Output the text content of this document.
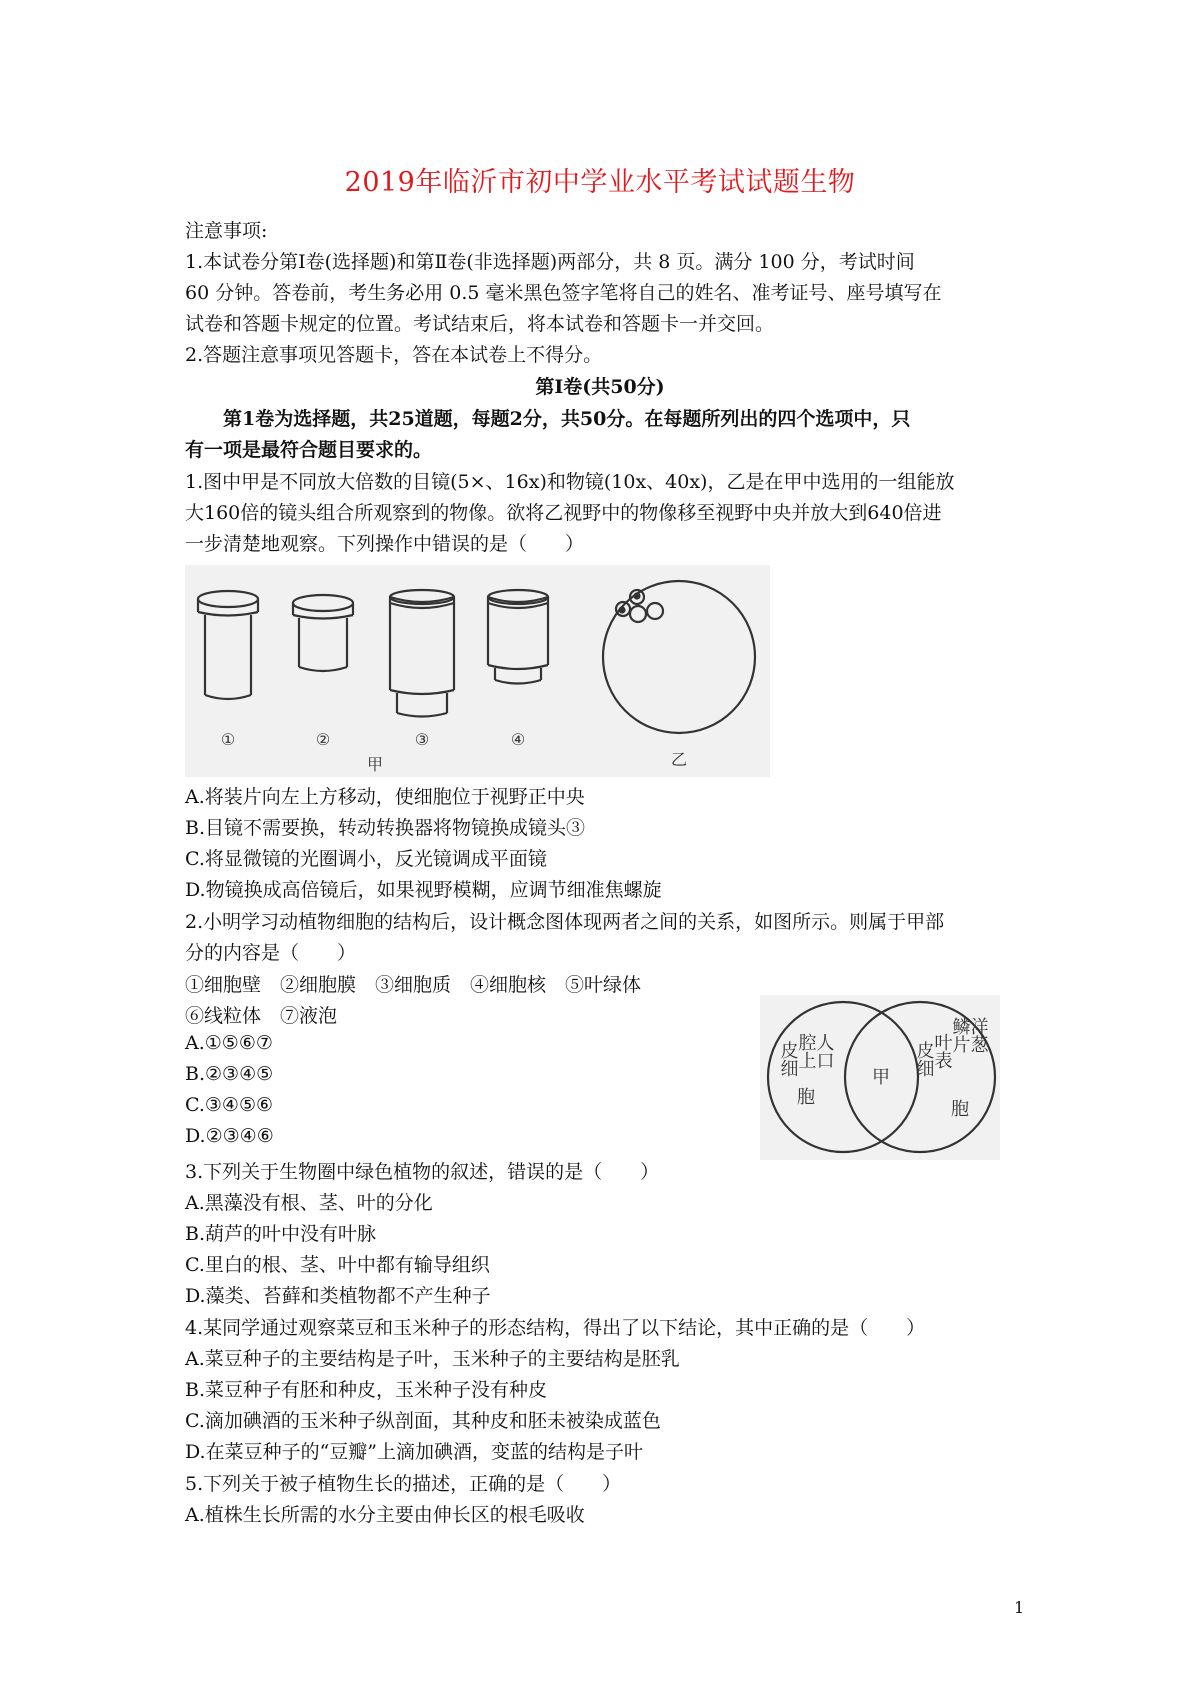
2019年临沂市初中学业水平考试试题生物
注意事项:
1.本试卷分第Ⅰ卷(选择题)和第Ⅱ卷(非选择题)两部分，共 8 页。满分 100 分，考试时间
60 分钟。答卷前，考生务必用 0.5 毫米黑色签字笔将自己的姓名、准考证号、座号填写在
试卷和答题卡规定的位置。考试结束后，将本试卷和答题卡一并交回。
2.答题注意事项见答题卡，答在本试卷上不得分。
第Ⅰ卷(共50分)
第1卷为选择题，共25道题，每题2分，共50分。在每题所列出的四个选项中，只
有一项是最符合题目要求的。
1.图中甲是不同放大倍数的目镜(5×、16x)和物镜(10x、40x)，乙是在甲中选用的一组能放
大160倍的镜头组合所观察到的物像。欲将乙视野中的物像移至视野中央并放大到640倍进
一步清楚地观察。下列操作中错误的是（　　）
①	②	③	④
甲	乙
A.将装片向左上方移动，使细胞位于视野正中央
B.目镜不需要换，转动转换器将物镜换成镜头③
C.将显微镜的光圈调小，反光镜调成平面镜
D.物镜换成高倍镜后，如果视野模糊，应调节细准焦螺旋
2.小明学习动植物细胞的结构后，设计概念图体现两者之间的关系，如图所示。则属于甲部
分的内容是（　　）
①细胞壁　②细胞膜　③细胞质　④细胞核　⑤叶绿体
⑥线粒体　⑦液泡
A.①⑤⑥⑦
B.②③④⑤
C.③④⑤⑥
D.②③④⑥
人口
腔上
皮细
胞
甲
洋葱
鳞片
叶表
皮细
胞
3.下列关于生物圈中绿色植物的叙述，错误的是（　　）
A.黑藻没有根、茎、叶的分化
B.葫芦的叶中没有叶脉
C.里白的根、茎、叶中都有输导组织
D.藻类、苔藓和类植物都不产生种子
4.某同学通过观察菜豆和玉米种子的形态结构，得出了以下结论，其中正确的是（　　）
A.菜豆种子的主要结构是子叶，玉米种子的主要结构是胚乳
B.菜豆种子有胚和种皮，玉米种子没有种皮
C.滴加碘酒的玉米种子纵剖面，其种皮和胚未被染成蓝色
D.在菜豆种子的“豆瓣”上滴加碘酒，变蓝的结构是子叶
5.下列关于被子植物生长的描述，正确的是（　　）
A.植株生长所需的水分主要由伸长区的根毛吸收
1
